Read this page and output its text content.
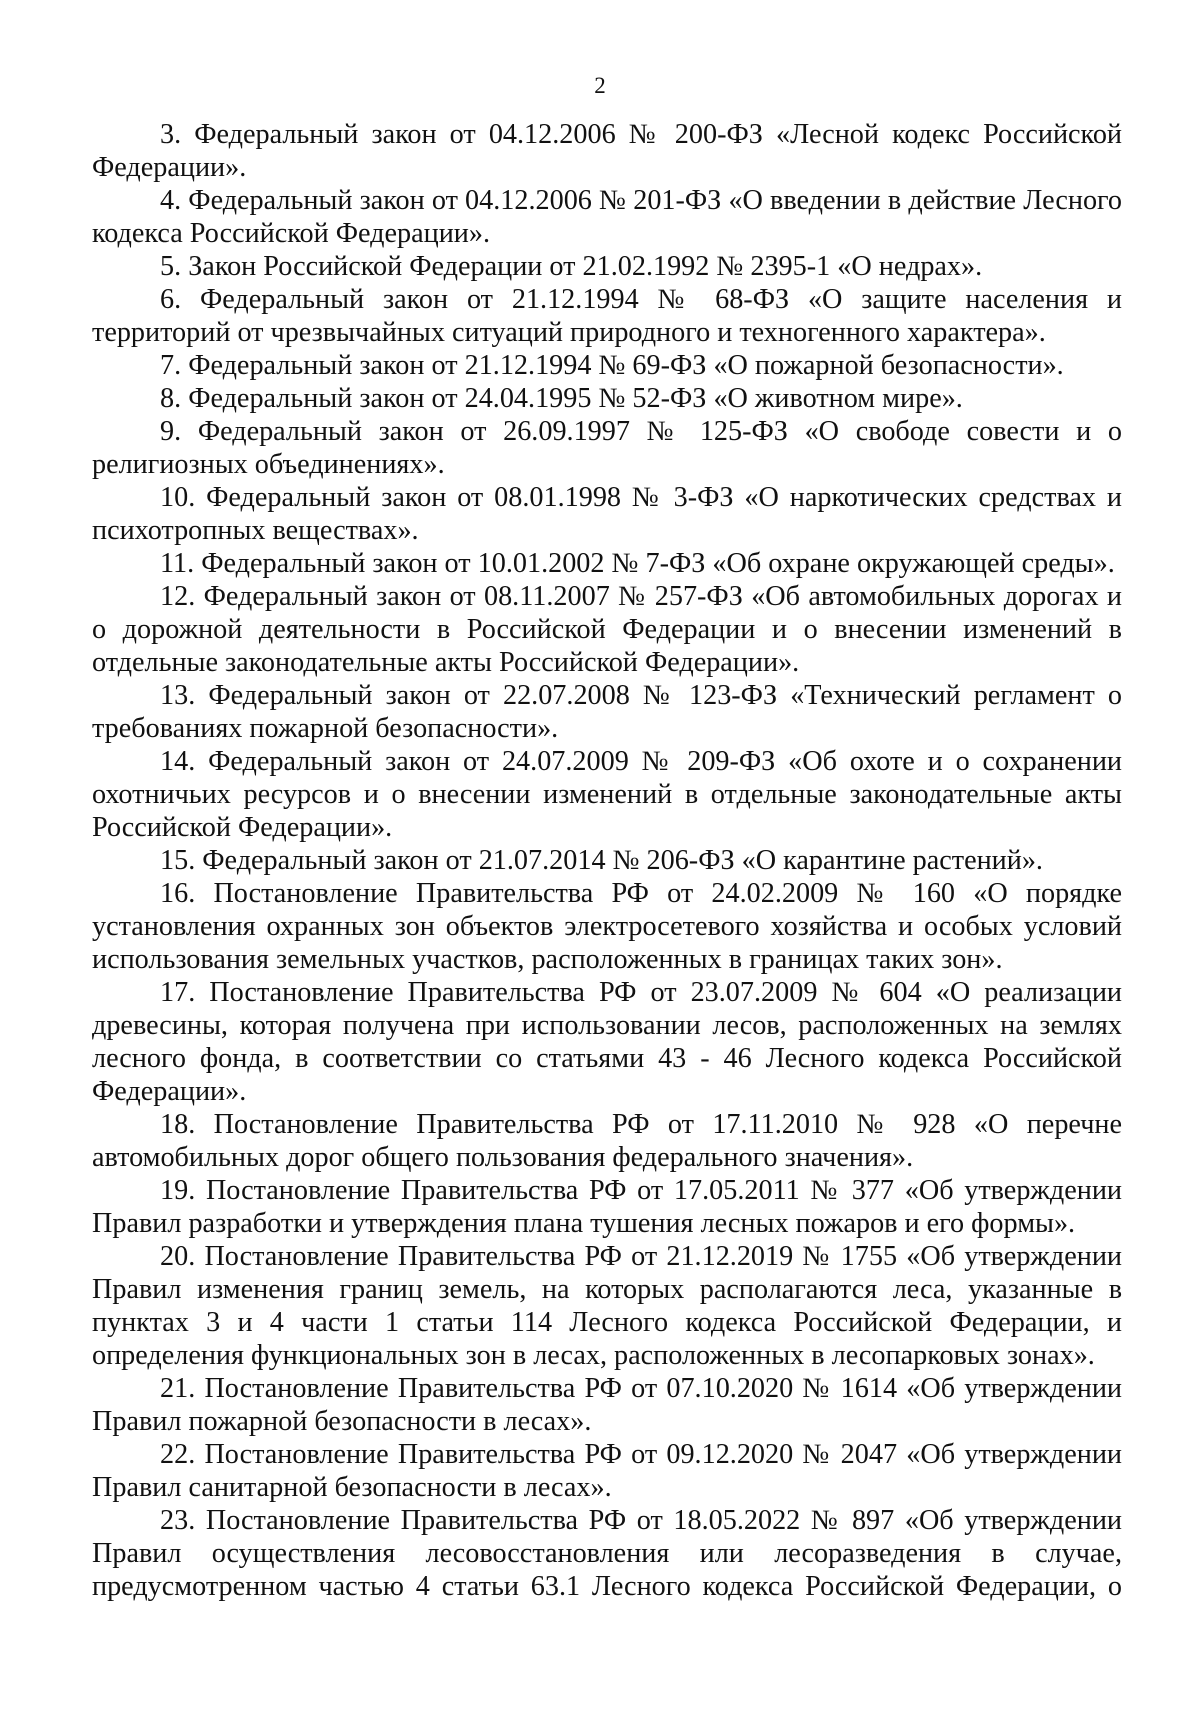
2

3. Федеральный закон от 04.12.2006 № 200-ФЗ «Лесной кодекс Российской Федерации».

4. Федеральный закон от 04.12.2006 № 201-ФЗ «О введении в действие Лесного кодекса Российской Федерации».

5. Закон Российской Федерации от 21.02.1992 № 2395-1 «О недрах».

6. Федеральный закон от 21.12.1994 № 68-ФЗ «О защите населения и территорий от чрезвычайных ситуаций природного и техногенного характера».

7. Федеральный закон от 21.12.1994 № 69-ФЗ «О пожарной безопасности».

8. Федеральный закон от 24.04.1995 № 52-ФЗ «О животном мире».

9. Федеральный закон от 26.09.1997 № 125-ФЗ «О свободе совести и о религиозных объединениях».

10. Федеральный закон от 08.01.1998 № 3-ФЗ «О наркотических средствах и психотропных веществах».

11. Федеральный закон от 10.01.2002 № 7-ФЗ «Об охране окружающей среды».

12. Федеральный закон от 08.11.2007 № 257-ФЗ «Об автомобильных дорогах и о дорожной деятельности в Российской Федерации и о внесении изменений в отдельные законодательные акты Российской Федерации».

13. Федеральный закон от 22.07.2008 № 123-ФЗ «Технический регламент о требованиях пожарной безопасности».

14. Федеральный закон от 24.07.2009 № 209-ФЗ «Об охоте и о сохранении охотничьих ресурсов и о внесении изменений в отдельные законодательные акты Российской Федерации».

15. Федеральный закон от 21.07.2014 № 206-ФЗ «О карантине растений».

16. Постановление Правительства РФ от 24.02.2009 № 160 «О порядке установления охранных зон объектов электросетевого хозяйства и особых условий использования земельных участков, расположенных в границах таких зон».

17. Постановление Правительства РФ от 23.07.2009 № 604 «О реализации древесины, которая получена при использовании лесов, расположенных на землях лесного фонда, в соответствии со статьями 43 - 46 Лесного кодекса Российской Федерации».

18. Постановление Правительства РФ от 17.11.2010 № 928 «О перечне автомобильных дорог общего пользования федерального значения».

19. Постановление Правительства РФ от 17.05.2011 № 377 «Об утверждении Правил разработки и утверждения плана тушения лесных пожаров и его формы».

20. Постановление Правительства РФ от 21.12.2019 № 1755 «Об утверждении Правил изменения границ земель, на которых располагаются леса, указанные в пунктах 3 и 4 части 1 статьи 114 Лесного кодекса Российской Федерации, и определения функциональных зон в лесах, расположенных в лесопарковых зонах».

21. Постановление Правительства РФ от 07.10.2020 № 1614 «Об утверждении Правил пожарной безопасности в лесах».

22. Постановление Правительства РФ от 09.12.2020 № 2047 «Об утверждении Правил санитарной безопасности в лесах».

23. Постановление Правительства РФ от 18.05.2022 № 897 «Об утверждении Правил осуществления лесовосстановления или лесоразведения в случае, предусмотренном частью 4 статьи 63.1 Лесного кодекса Российской Федерации, о
